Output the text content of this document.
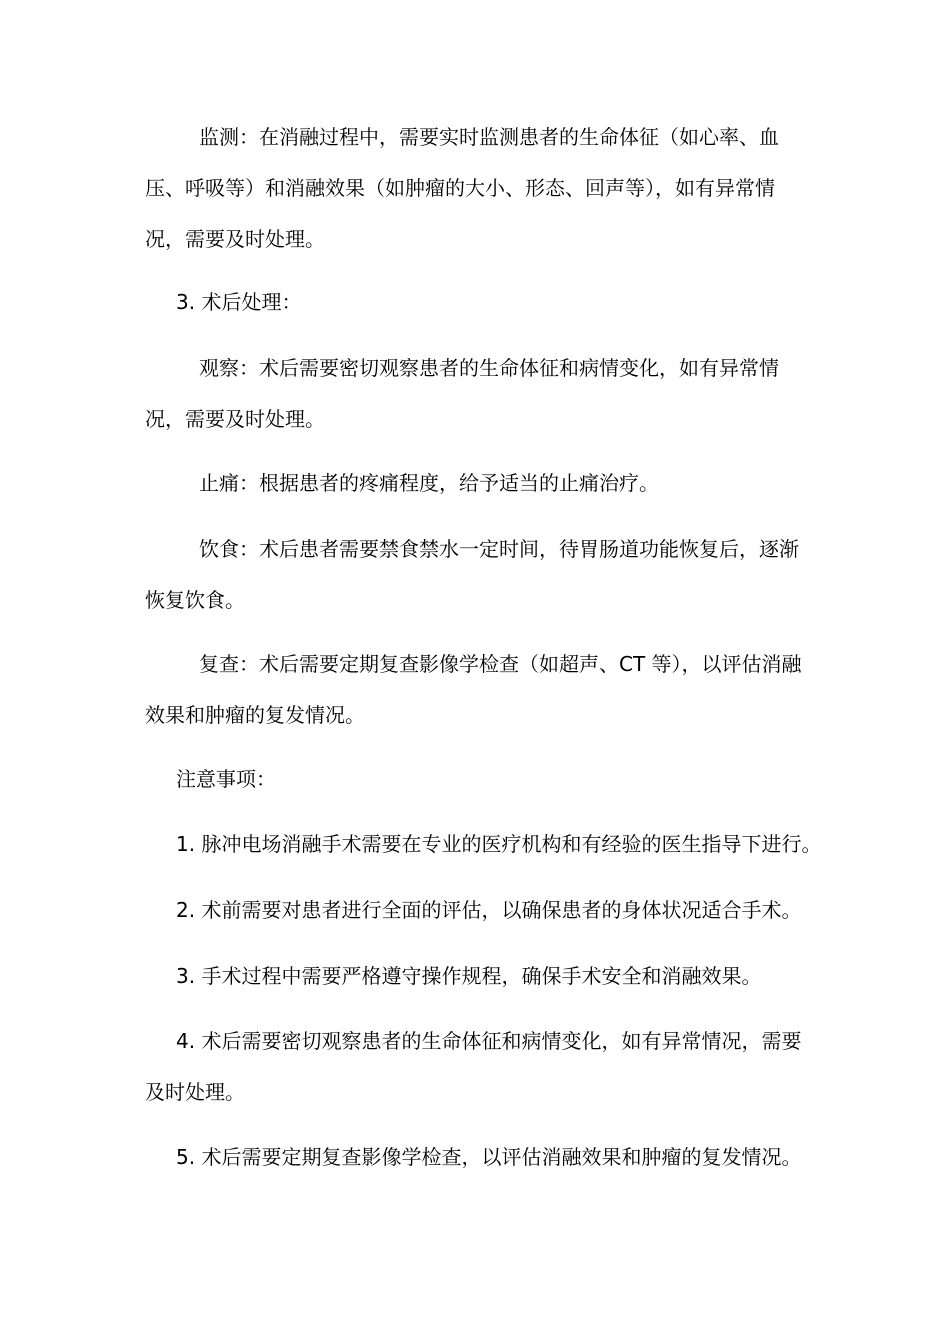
监测：在消融过程中，需要实时监测患者的生命体征（如心率、血压、呼吸等）和消融效果（如肿瘤的大小、形态、回声等），如有异常情况，需要及时处理。

3. 术后处理：

观察：术后需要密切观察患者的生命体征和病情变化，如有异常情况，需要及时处理。

止痛：根据患者的疼痛程度，给予适当的止痛治疗。

饮食：术后患者需要禁食禁水一定时间，待胃肠道功能恢复后，逐渐恢复饮食。

复查：术后需要定期复查影像学检查（如超声、CT 等），以评估消融效果和肿瘤的复发情况。

注意事项：

1. 脉冲电场消融手术需要在专业的医疗机构和有经验的医生指导下进行。

2. 术前需要对患者进行全面的评估，以确保患者的身体状况适合手术。

3. 手术过程中需要严格遵守操作规程，确保手术安全和消融效果。

4. 术后需要密切观察患者的生命体征和病情变化，如有异常情况，需要及时处理。

5. 术后需要定期复查影像学检查，以评估消融效果和肿瘤的复发情况。
